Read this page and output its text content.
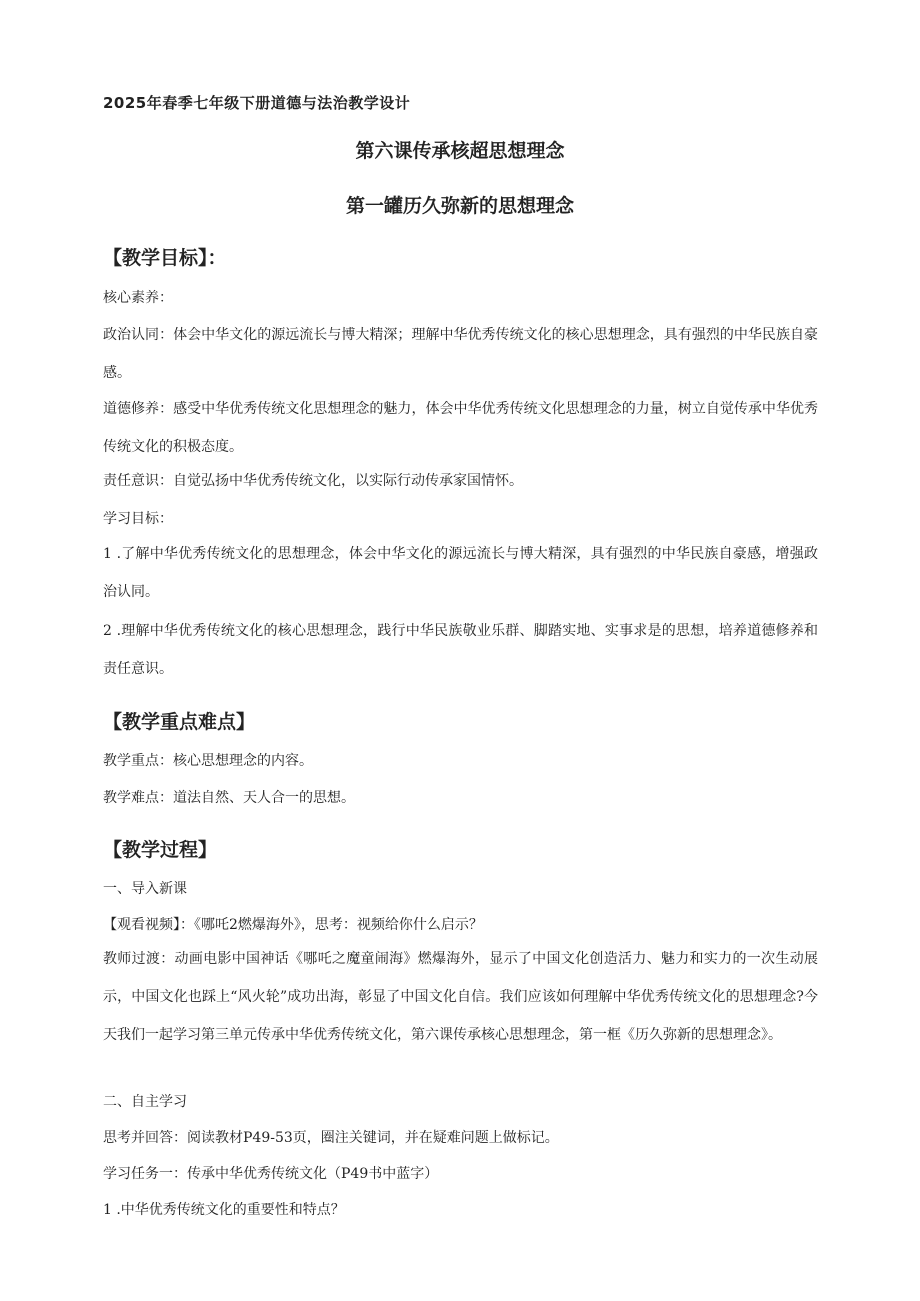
2025年春季七年级下册道德与法治教学设计
第六课传承核超思想理念
第一罐历久弥新的思想理念
【教学目标】：

核心素养：

政治认同：体会中华文化的源远流长与博大精深；理解中华优秀传统文化的核心思想理念，具有强烈的中华民族自豪感。

道德修养：感受中华优秀传统文化思想理念的魅力，体会中华优秀传统文化思想理念的力量，树立自觉传承中华优秀传统文化的积极态度。

责任意识：自觉弘扬中华优秀传统文化，以实际行动传承家国情怀。

学习目标：

1 .了解中华优秀传统文化的思想理念，体会中华文化的源远流长与博大精深，具有强烈的中华民族自豪感，增强政治认同。

2 .理解中华优秀传统文化的核心思想理念，践行中华民族敬业乐群、脚踏实地、实事求是的思想，培养道德修养和责任意识。

【教学重点难点】

教学重点：核心思想理念的内容。

教学难点：道法自然、天人合一的思想。

【教学过程】

一、导入新课

【观看视频】：《哪吒2燃爆海外》，思考：视频给你什么启示？

教师过渡：动画电影中国神话《哪吒之魔童闹海》燃爆海外，显示了中国文化创造活力、魅力和实力的一次生动展示，中国文化也踩上“风火轮”成功出海，彰显了中国文化自信。我们应该如何理解中华优秀传统文化的思想理念?今天我们一起学习第三单元传承中华优秀传统文化，第六课传承核心思想理念，第一框《历久弥新的思想理念》。

二、自主学习

思考并回答：阅读教材P49-53页，圈注关键词，并在疑难问题上做标记。

学习任务一：传承中华优秀传统文化（P49书中蓝字）

1 .中华优秀传统文化的重要性和特点？
